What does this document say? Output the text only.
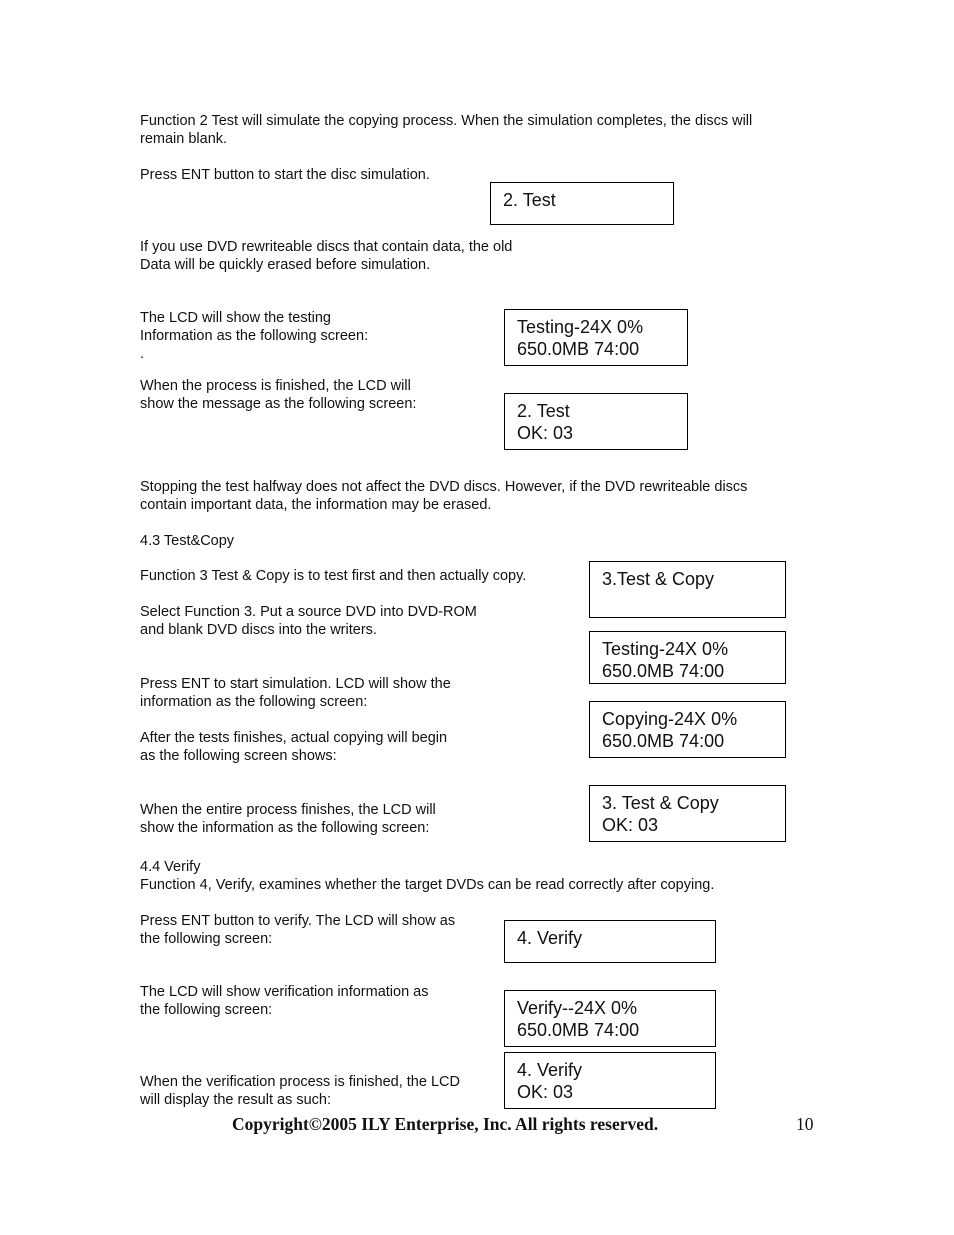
Function 2 Test will simulate the copying process. When the simulation completes, the discs will
remain blank.
Press ENT button to start the disc simulation.
2. Test
If you use DVD rewriteable discs that contain data, the old
Data will be quickly erased before simulation.
The LCD will show the testing
Information as the following screen:
.
Testing-24X 0%
650.0MB 74:00
When the process is finished, the LCD will
show the message as the following screen:	2. Test
OK: 03
Stopping the test halfway does not affect the DVD discs. However, if the DVD rewriteable discs
contain important data, the information may be erased.
4.3 Test&Copy
Function 3 Test & Copy is to test first and then actually copy.	3.Test & Copy
Select Function 3. Put a source DVD into DVD-ROM
and blank DVD discs into the writers.
Testing-24X 0%
650.0MB 74:00
Press ENT to start simulation. LCD will show the
information as the following screen:
Copying-24X 0%
650.0MB 74:00
After the tests finishes, actual copying will begin
as the following screen shows:
3. Test & Copy
OK: 03
When the entire process finishes, the LCD will
show the information as the following screen:
4.4 Verify
Function 4, Verify, examines whether the target DVDs can be read correctly after copying.
Press ENT button to verify. The LCD will show as
the following screen:	4. Verify
The LCD will show verification information as
the following screen:	Verify--24X 0%
650.0MB 74:00
4. Verify
OK: 03
When the verification process is finished, the LCD
will display the result as such:
Copyright©2005 ILY Enterprise, Inc. All rights reserved.	10
